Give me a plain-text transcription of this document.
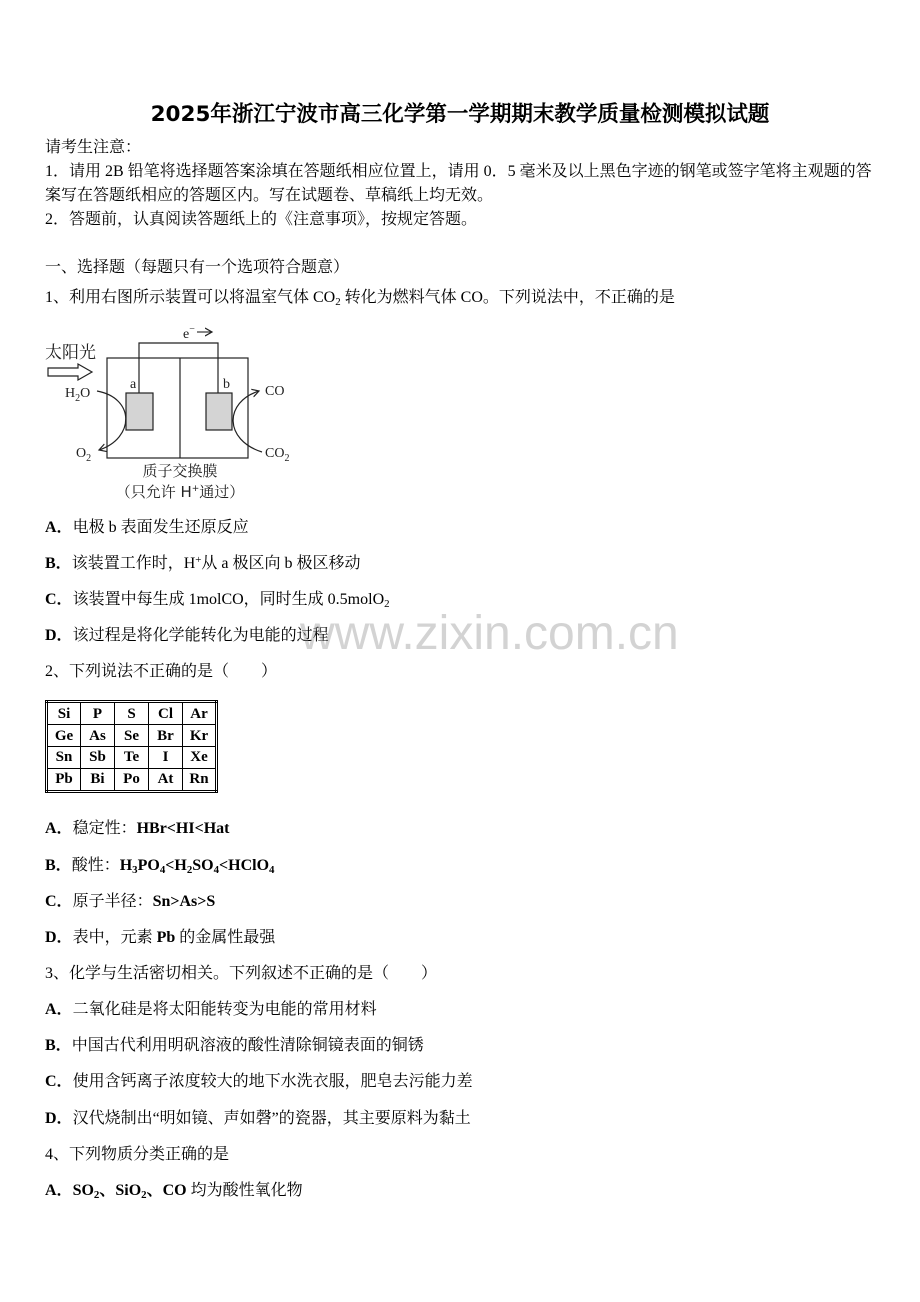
2025年浙江宁波市高三化学第一学期期末教学质量检测模拟试题
请考生注意：
1．请用 2B 铅笔将选择题答案涂填在答题纸相应位置上，请用 0．5 毫米及以上黑色字迹的钢笔或签字笔将主观题的答案写在答题纸相应的答题区内。写在试题卷、草稿纸上均无效。
2．答题前，认真阅读答题纸上的《注意事项》，按规定答题。
一、选择题（每题只有一个选项符合题意）
1、利用右图所示装置可以将温室气体 $CO_2$ 转化为燃料气体 CO。下列说法中，不正确的是
e−
太阳光
a	b
$H_2O$
$O_2$
CO
$CO_2$
质子交换膜
（只允许 H+通过）
A．电极 b 表面发生还原反应
B．该装置工作时，H+从 a 极区向 b 极区移动
C．该装置中每生成 1molCO，同时生成 0.5molO$_2$
D．该过程是将化学能转化为电能的过程
www.zixin.com.cn
2、下列说法不正确的是（　　）
Si	P	S	Cl	Ar
Ge	As	Se	Br	Kr
Sn	Sb	Te	I	Xe
Pb	Bi	Po	At	Rn
A．稳定性：HBr<HI<Hat
B．酸性：$H_3PO_4<H_2SO_4<HClO_4$
C．原子半径：Sn>As>S
D．表中，元素 Pb 的金属性最强
3、化学与生活密切相关。下列叙述不正确的是（　　）
A．二氧化硅是将太阳能转变为电能的常用材料
B．中国古代利用明矾溶液的酸性清除铜镜表面的铜锈
C．使用含钙离子浓度较大的地下水洗衣服，肥皂去污能力差
D．汉代烧制出“明如镜、声如磬”的瓷器，其主要原料为黏土
4、下列物质分类正确的是
A．$SO_2$、SiO$_2$、CO 均为酸性氧化物
